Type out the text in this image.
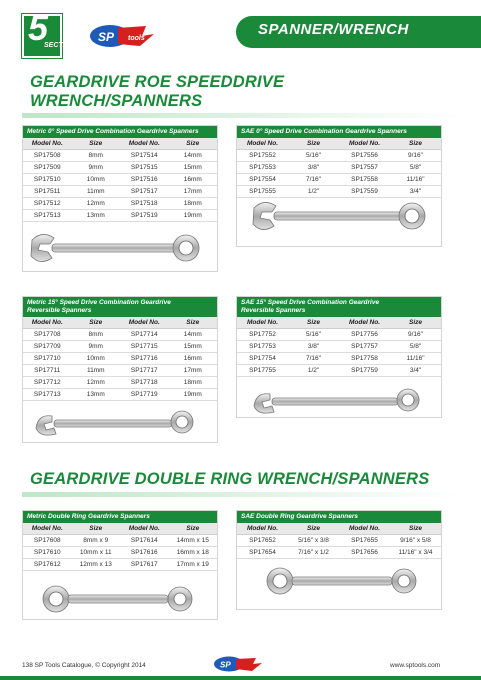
5
SECTION
SP tools
SPANNER/WRENCH
GEARDRIVE ROE SPEEDDRIVE
WRENCH/SPANNERS
Metric 0° Speed Drive Combination Geardrive Spanners
Model No.	Size	Model No.	Size
SP17508	8mm	SP17514	14mm
SP17509	9mm	SP17515	15mm
SP17510	10mm	SP17516	16mm
SP17511	11mm	SP17517	17mm
SP17512	12mm	SP17518	18mm
SP17513	13mm	SP17519	19mm
SAE 0° Speed Drive Combination Geardrive Spanners
Model No.	Size	Model No.	Size
SP17552	5/16"	SP17556	9/16"
SP17553	3/8"	SP17557	5/8"
SP17554	7/16"	SP17558	11/16"
SP17555	1/2"	SP17559	3/4"
Metric 15° Speed Drive Combination Geardrive
Reversible Spanners
Model No.	Size	Model No.	Size
SP17708	8mm	SP17714	14mm
SP17709	9mm	SP17715	15mm
SP17710	10mm	SP17716	16mm
SP17711	11mm	SP17717	17mm
SP17712	12mm	SP17718	18mm
SP17713	13mm	SP17719	19mm
SAE 15° Speed Drive Combination Geardrive
Reversible Spanners
Model No.	Size	Model No.	Size
SP17752	5/16"	SP17756	9/16"
SP17753	3/8"	SP17757	5/8"
SP17754	7/16"	SP17758	11/16"
SP17755	1/2"	SP17759	3/4"
GEARDRIVE DOUBLE RING WRENCH/SPANNERS
Metric Double Ring Geardrive Spanners
Model No.	Size	Model No.	Size
SP17608	8mm x 9	SP17614	14mm x 15
SP17610	10mm x 11	SP17616	16mm x 18
SP17612	12mm x 13	SP17617	17mm x 19
SAE Double Ring Geardrive Spanners
Model No.	Size	Model No.	Size
SP17652	5/16" x 3/8	SP17655	9/16" x 5/8
SP17654	7/16" x 1/2	SP17656	11/16" x 3/4
138 SP Tools Catalogue, © Copyright 2014	SP	www.sptools.com
